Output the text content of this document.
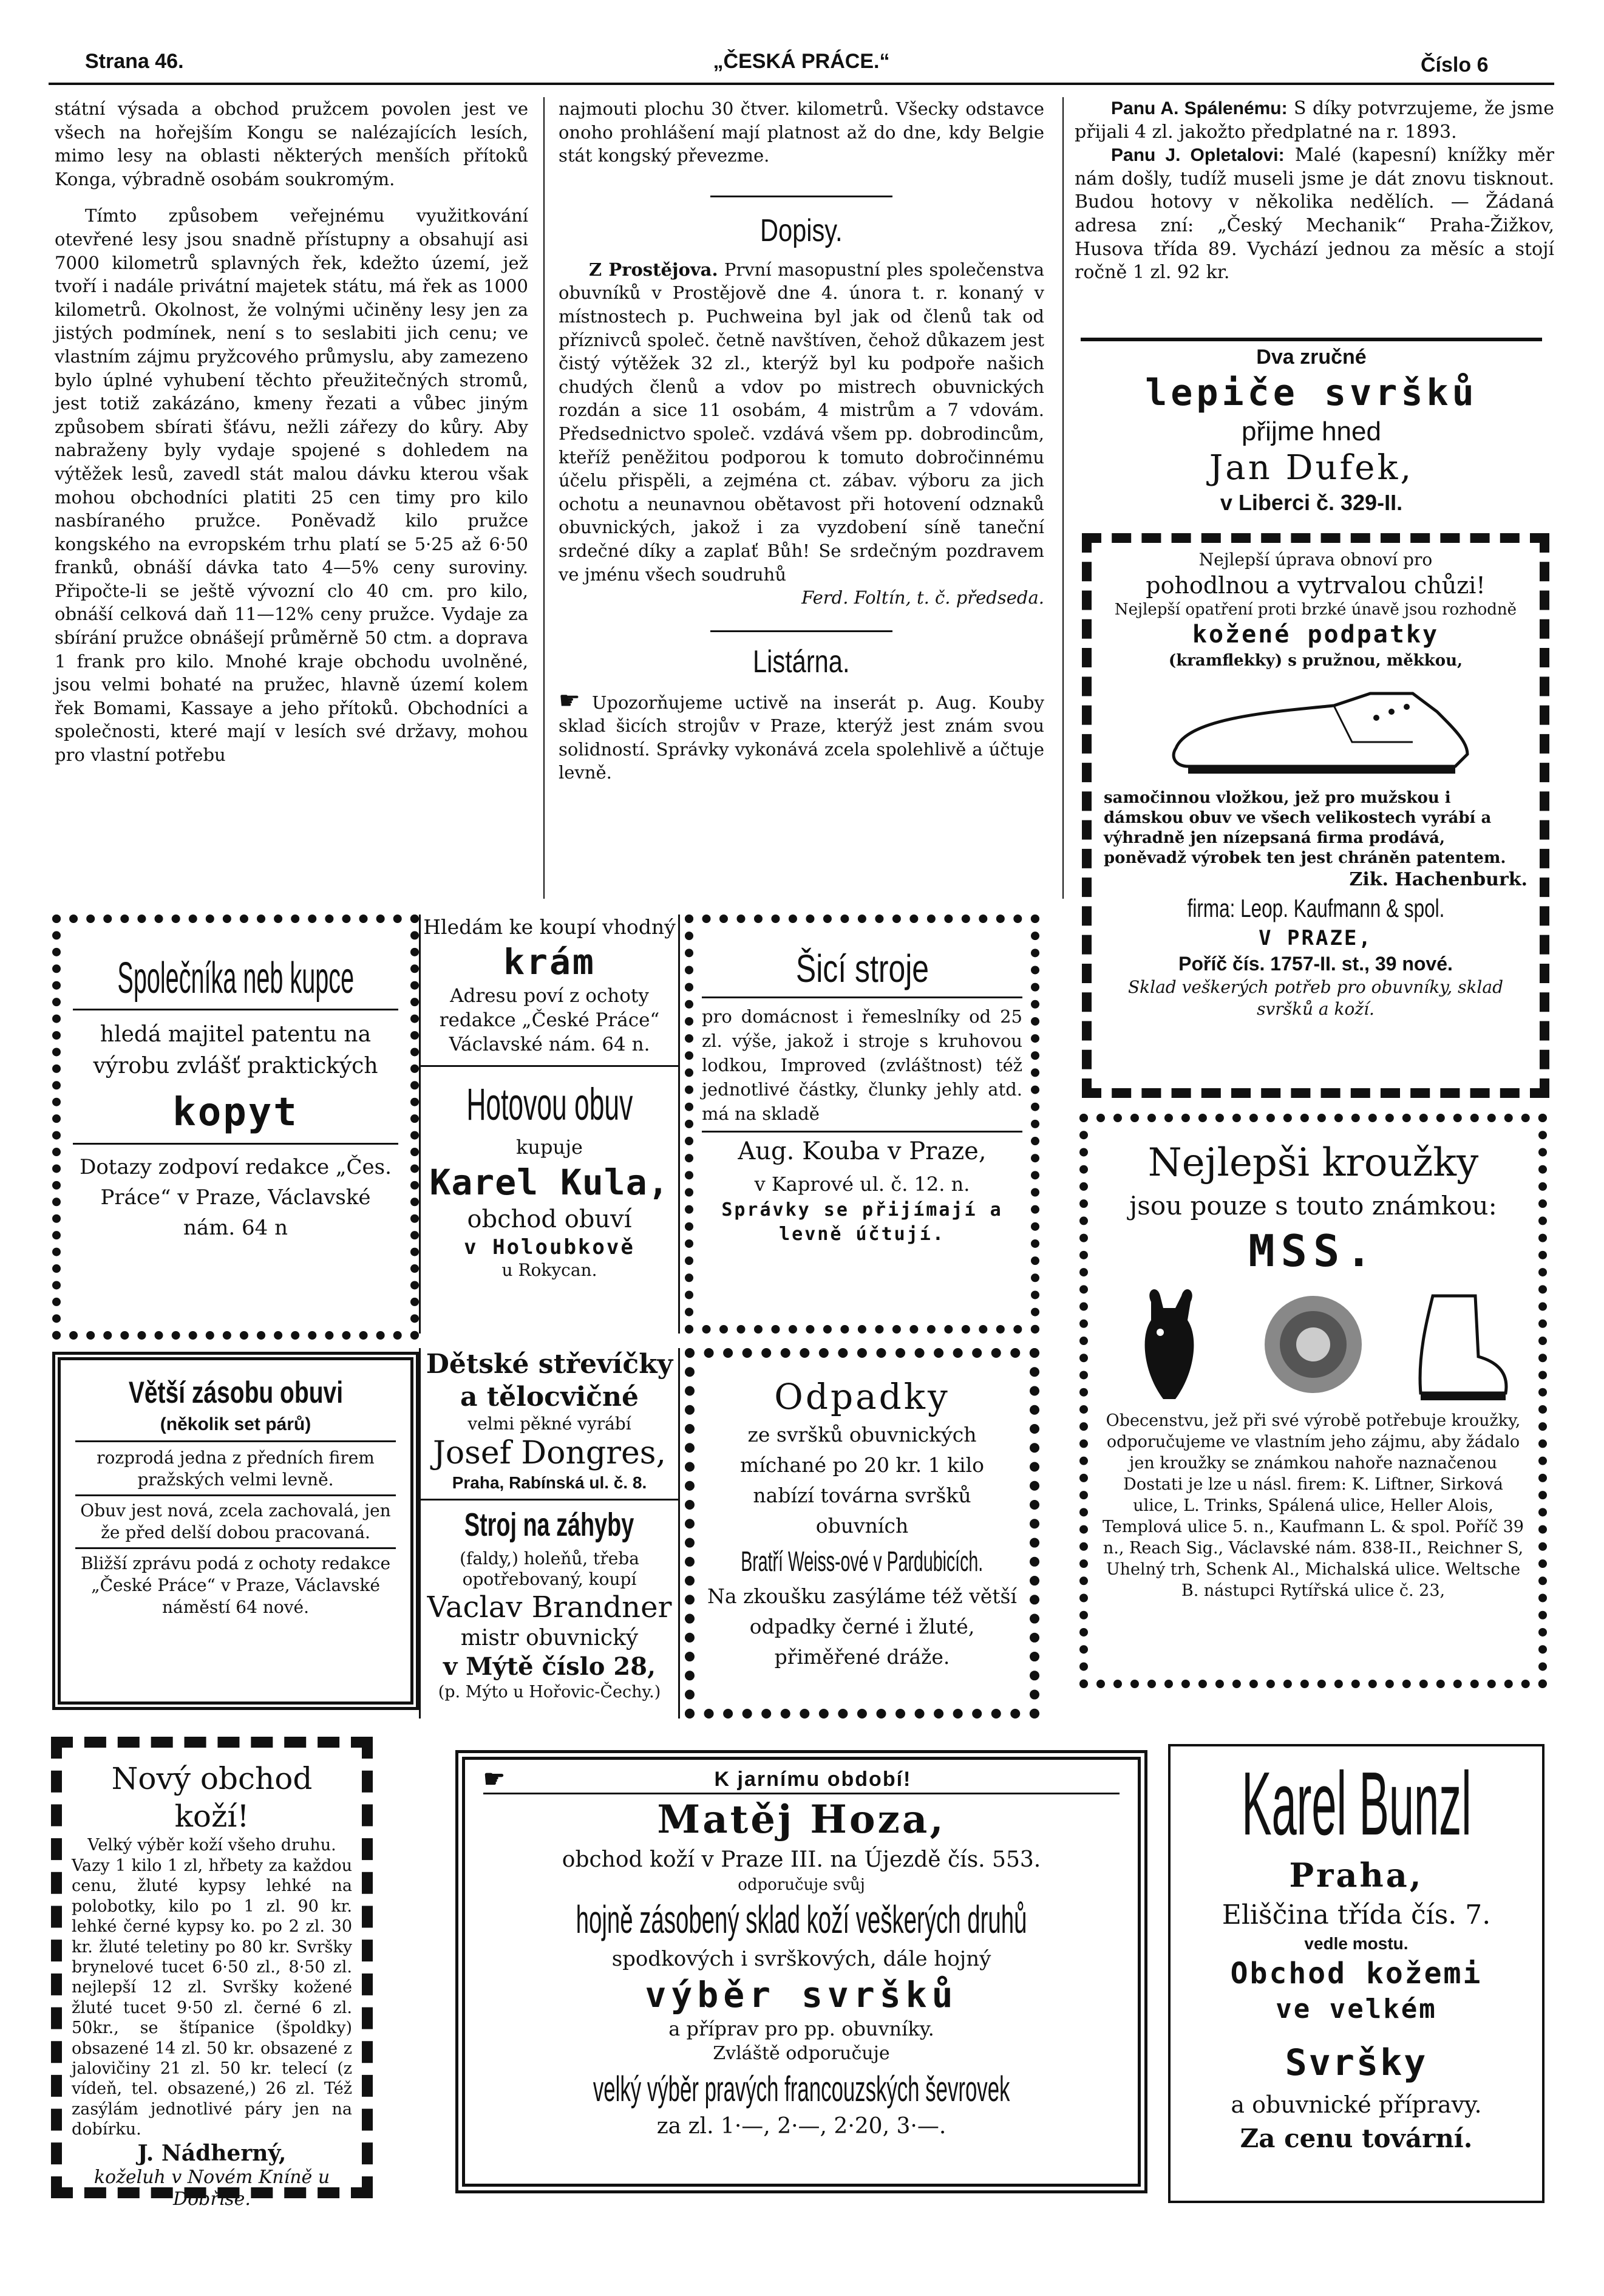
Strana 46.	„ČESKÁ PRÁCE.“	Číslo 6

státní výsada a obchod pružcem povolen jest ve všech na hořejším Kongu se nalézajících lesích, mimo lesy na oblasti některých menších přítoků Konga, výbradně osobám soukromým.

Tímto způsobem veřejnému využitkování otevřené lesy jsou snadně přístupny a obsahují asi 7000 kilometrů splavných řek, kdežto území, jež tvoří i nadále privátní majetek státu, má řek as 1000 kilometrů. Okolnost, že volnými učiněny lesy jen za jistých podmínek, není s to seslabiti jich cenu; ve vlastním zájmu pryžcového průmyslu, aby zamezeno bylo úplné vyhubení těchto přeužitečných stromů, jest totiž zakázáno, kmeny řezati a vůbec jiným způsobem sbírati šťávu, nežli zářezy do kůry. Aby nabraženy byly vydaje spojené s dohledem na výtěžek lesů, zavedl stát malou dávku kterou však mohou obchodníci platiti 25 cen timy pro kilo nasbíraného pružce. Poněvadž kilo pružce kongského na evropském trhu platí se 5·25 až 6·50 franků, obnáší dávka tato 4—5% ceny suroviny. Připočte-li se ještě vývozní clo 40 cm. pro kilo, obnáší celková daň 11—12% ceny pružce. Vydaje za sbírání pružce obnášejí průměrně 50 ctm. a doprava 1 frank pro kilo. Mnohé kraje obchodu uvolněné, jsou velmi bohaté na pružec, hlavně území kolem řek Bomami, Kassaye a jeho přítoků. Obchodníci a společnosti, které mají v lesích své državy, mohou pro vlastní potřebu

najmouti plochu 30 čtver. kilometrů. Všecky odstavce onoho prohlášení mají platnost až do dne, kdy Belgie stát kongský převezme.

Dopisy.

Z Prostějova. První masopustní ples společenstva obuvníků v Prostějově dne 4. února t. r. konaný v místnostech p. Puchweina byl jak od členů tak od příznivců společ. četně navštíven, čehož důkazem jest čistý výtěžek 32 zl., kterýž byl ku podpoře našich chudých členů a vdov po mistrech obuvnických rozdán a sice 11 osobám, 4 mistrům a 7 vdovám. Předsednictvo společ. vzdává všem pp. dobrodincům, kteříž peněžitou podporou k tomuto dobročinnému účelu přispěli, a zejména ct. zábav. výboru za jich ochotu a neunavnou obětavost při hotovení odznaků obuvnických, jakož i za vyzdobení síně taneční srdečné díky a zaplať Bůh! Se srdečným pozdravem ve jménu všech soudruhů

Ferd. Foltín, t. č. předseda.

Listárna.

☛ Upozorňujeme uctivě na inserát p. Aug. Kouby sklad šicích strojův v Praze, kterýž jest znám svou solidností. Správky vykonává zcela spolehlivě a účtuje levně.

Panu A. Spálenému: S díky potvrzujeme, že jsme přijali 4 zl. jakožto předplatné na r. 1893.

Panu J. Opletalovi: Malé (kapesní) knížky měr nám došly, tudíž museli jsme je dát znovu tisknout. Budou hotovy v několika nedělích. — Žádaná adresa zní: „Český Mechanik“ Praha-Žižkov, Husova třída 89. Vychází jednou za měsíc a stojí ročně 1 zl. 92 kr.

Dva zručné
lepiče svršků
přijme hned
Jan Dufek,
v Liberci č. 329-II.
Nejlepší úprava obnoví pro
pohodlnou a vytrvalou chůzi!
Nejlepší opatření proti brzké únavě jsou rozhodně
kožené podpatky
(kramflekky) s pružnou, měkkou,
samočinnou vložkou, jež pro mužskou i dámskou obuv ve všech velikostech vyrábí a výhradně jen nízepsaná firma prodává, poněvadž výrobek ten jest chráněn patentem.
Zik. Hachenburk.
firma: Leop. Kaufmann & spol.
V PRAZE,
Poříč čís. 1757-II. st., 39 nové.
Sklad veškerých potřeb pro obuvníky, sklad svršků a koží.
Společníka neb kupce
hledá majitel patentu na výrobu zvlášť praktických
kopyt
Dotazy zodpoví redakce „Čes. Práce“ v Praze, Václavské nám. 64 n
Hledám ke koupí vhodný
krám
Adresu poví z ochoty redakce „České Práce“ Václavské nám. 64 n.
Hotovou obuv
kupuje
Karel Kula,
obchod obuví
v Holoubkově
u Rokycan.
Šicí stroje
pro domácnost i řemeslníky od 25 zl. výše, jakož i stroje s kruhovou lodkou, Improved (zvláštnost) též jednotlivé částky, člunky jehly atd. má na skladě
Aug. Kouba v Praze,
v Kaprové ul. č. 12. n.
Správky se přijímají a levně účtují.
Nejlepši kroužky
jsou pouze s touto známkou:
MSS.
Obecenstvu, jež při své výrobě potřebuje kroužky, odporučujeme ve vlastním jeho zájmu, aby žádalo jen kroužky se známkou nahoře naznačenou Dostati je lze u násl. firem: K. Liftner, Sirková ulice, L. Trinks, Spálená ulice, Heller Alois, Templová ulice 5. n., Kaufmann L. & spol. Poříč 39 n., Reach Sig., Václavské nám. 838-II., Reichner S, Uhelný trh, Schenk Al., Michalská ulice. Weltsche B. nástupci Rytířská ulice č. 23,
Větší zásobu obuvi
(několik set párů)
rozprodá jedna z předních firem pražských velmi levně.
Obuv jest nová, zcela zachovalá, jen že před delší dobou pracovaná.
Bližší zprávu podá z ochoty redakce „České Práce“ v Praze, Václavské náměstí 64 nové.
Dětské střevíčky a tělocvičné
velmi pěkné vyrábí
Josef Dongres,
Praha, Rabínská ul. č. 8.
Stroj na záhyby
(faldy,) holeňů, třeba opotřebovaný, koupí
Vaclav Brandner
mistr obuvnický
v Mýtě číslo 28,
(p. Mýto u Hořovic-Čechy.)
Odpadky
ze svršků obuvnických míchané po 20 kr. 1 kilo nabízí továrna svršků obuvních
Bratří Weiss-ové v Pardubicích.
Na zkoušku zasýláme též větší odpadky černé i žluté, přiměřené dráže.
Nový obchod koží!
Velký výběr koží všeho druhu.
Vazy 1 kilo 1 zl, hřbety za každou cenu, žluté kypsy lehké na polobotky, kilo po 1 zl. 90 kr. lehké černé kypsy ko. po 2 zl. 30 kr. žluté teletiny po 80 kr. Svršky brynelové tucet 6·50 zl., 8·50 zl. nejlepší 12 zl. Svršky kožené žluté tucet 9·50 zl. černé 6 zl. 50kr., se štípanice (špoldky) obsazené 14 zl. 50 kr. obsazené z jalovičiny 21 zl. 50 kr. telecí (z vídeň, tel. obsazené,) 26 zl. Též zasýlám jednotlivé páry jen na dobírku.
J. Nádherný,
koželuh v Novém Kníně u Dobříše.
☛	K jarnímu období!
Matěj Hoza,
obchod koží v Praze III. na Újezdě čís. 553.
odporučuje svůj
hojně zásobený sklad koží veškerých druhů
spodkových i svrškových, dále hojný
výběr svršků
a příprav pro pp. obuvníky.
Zvláště odporučuje
velký výběr pravých francouzských ševrovek
za zl. 1·—, 2·—, 2·20, 3·—.
Karel Bunzl
Praha,
Eliščina třída čís. 7.
vedle mostu.
Obchod kožemi
ve velkém
Svršky
a obuvnické přípravy.
Za cenu tovární.
